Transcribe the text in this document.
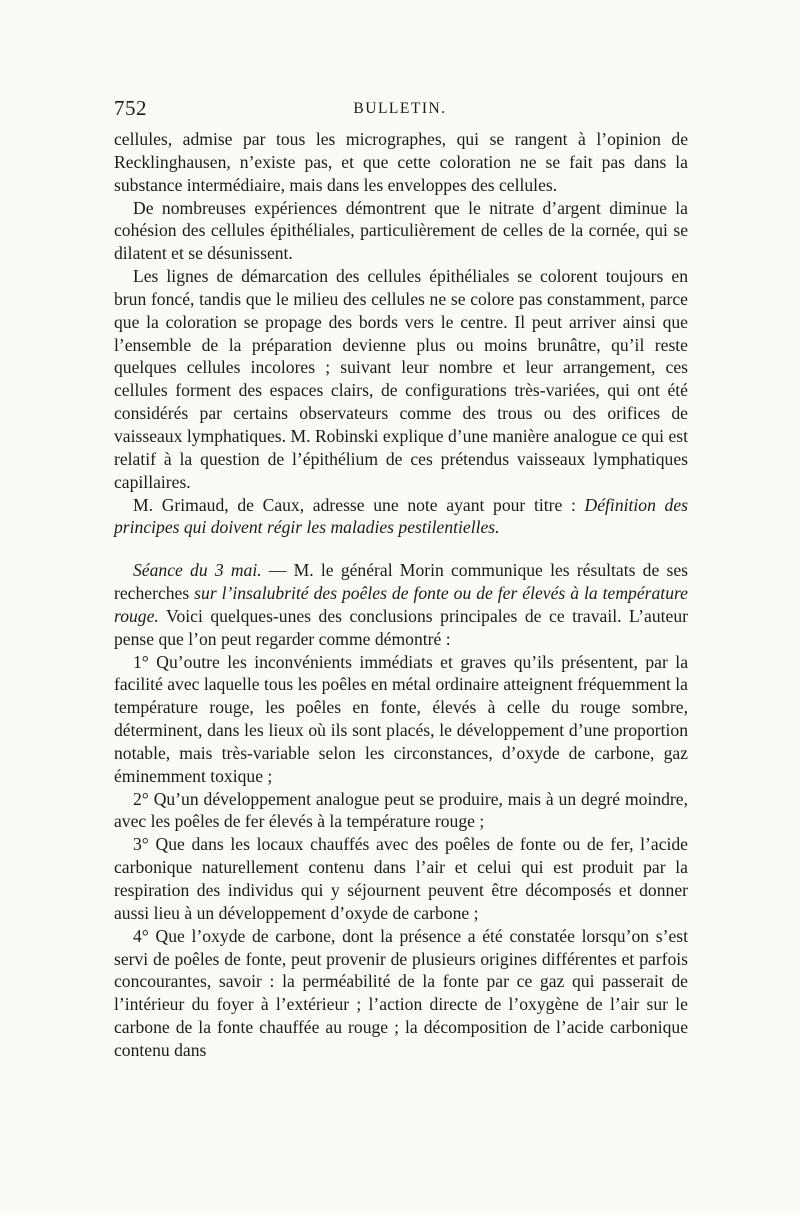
752	BULLETIN.

cellules, admise par tous les micrographes, qui se rangent à l’opinion de Recklinghausen, n’existe pas, et que cette coloration ne se fait pas dans la substance intermédiaire, mais dans les enveloppes des cellules.

De nombreuses expériences démontrent que le nitrate d’argent diminue la cohésion des cellules épithéliales, particulièrement de celles de la cornée, qui se dilatent et se désunissent.

Les lignes de démarcation des cellules épithéliales se colorent toujours en brun foncé, tandis que le milieu des cellules ne se colore pas constamment, parce que la coloration se propage des bords vers le centre. Il peut arriver ainsi que l’ensemble de la préparation devienne plus ou moins brunâtre, qu’il reste quelques cellules incolores ; suivant leur nombre et leur arrangement, ces cellules forment des espaces clairs, de configurations très-variées, qui ont été considérés par certains observateurs comme des trous ou des orifices de vaisseaux lymphatiques. M. Robinski explique d’une manière analogue ce qui est relatif à la question de l’épithélium de ces prétendus vaisseaux lymphatiques capillaires.

M. Grimaud, de Caux, adresse une note ayant pour titre : Définition des principes qui doivent régir les maladies pestilentielles.

Séance du 3 mai. — M. le général Morin communique les résultats de ses recherches sur l’insalubrité des poêles de fonte ou de fer élevés à la température rouge. Voici quelques-unes des conclusions principales de ce travail. L’auteur pense que l’on peut regarder comme démontré :

1° Qu’outre les inconvénients immédiats et graves qu’ils présentent, par la facilité avec laquelle tous les poêles en métal ordinaire atteignent fréquemment la température rouge, les poêles en fonte, élevés à celle du rouge sombre, déterminent, dans les lieux où ils sont placés, le développement d’une proportion notable, mais très-variable selon les circonstances, d’oxyde de carbone, gaz éminemment toxique ;

2° Qu’un développement analogue peut se produire, mais à un degré moindre, avec les poêles de fer élevés à la température rouge ;

3° Que dans les locaux chauffés avec des poêles de fonte ou de fer, l’acide carbonique naturellement contenu dans l’air et celui qui est produit par la respiration des individus qui y séjournent peuvent être décomposés et donner aussi lieu à un développement d’oxyde de carbone ;

4° Que l’oxyde de carbone, dont la présence a été constatée lorsqu’on s’est servi de poêles de fonte, peut provenir de plusieurs origines différentes et parfois concourantes, savoir : la perméabilité de la fonte par ce gaz qui passerait de l’intérieur du foyer à l’extérieur ; l’action directe de l’oxygène de l’air sur le carbone de la fonte chauffée au rouge ; la décomposition de l’acide carbonique contenu dans
